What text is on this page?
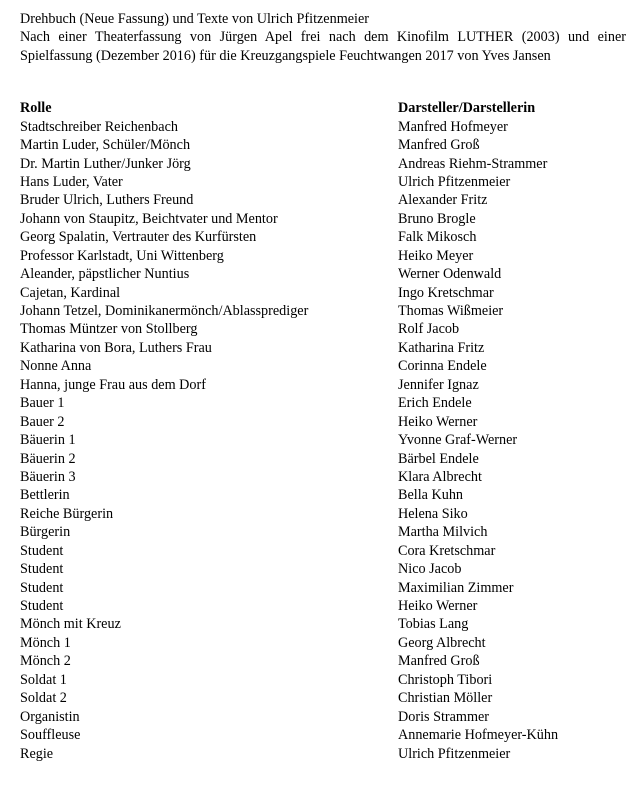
Drehbuch (Neue Fassung) und Texte von Ulrich Pfitzenmeier

Nach einer Theaterfassung von Jürgen Apel frei nach dem Kinofilm LUTHER (2003) und einer Spielfassung (Dezember 2016) für die Kreuzgangspiele Feuchtwangen 2017 von Yves Jansen

Rolle	Darsteller/Darstellerin
Stadtschreiber Reichenbach	Manfred Hofmeyer
Martin Luder, Schüler/Mönch	Manfred Groß
Dr. Martin Luther/Junker Jörg	Andreas Riehm-Strammer
Hans Luder, Vater	Ulrich Pfitzenmeier
Bruder Ulrich, Luthers Freund	Alexander Fritz
Johann von Staupitz, Beichtvater und Mentor	Bruno Brogle
Georg Spalatin, Vertrauter des Kurfürsten	Falk Mikosch
Professor Karlstadt, Uni Wittenberg	Heiko Meyer
Aleander, päpstlicher Nuntius	Werner Odenwald
Cajetan, Kardinal	Ingo Kretschmar
Johann Tetzel, Dominikanermönch/Ablassprediger	Thomas Wißmeier
Thomas Müntzer von Stollberg	Rolf Jacob
Katharina von Bora, Luthers Frau	Katharina Fritz
Nonne Anna	Corinna Endele
Hanna, junge Frau aus dem Dorf	Jennifer Ignaz
Bauer 1	Erich Endele
Bauer 2	Heiko Werner
Bäuerin 1	Yvonne Graf-Werner
Bäuerin 2	Bärbel Endele
Bäuerin 3	Klara Albrecht
Bettlerin	Bella Kuhn
Reiche Bürgerin	Helena Siko
Bürgerin	Martha Milvich
Student	Cora Kretschmar
Student	Nico Jacob
Student	Maximilian Zimmer
Student	Heiko Werner
Mönch mit Kreuz	Tobias Lang
Mönch 1	Georg Albrecht
Mönch 2	Manfred Groß
Soldat 1	Christoph Tibori
Soldat 2	Christian Möller
Organistin	Doris Strammer
Souffleuse	Annemarie Hofmeyer-Kühn
Regie	Ulrich Pfitzenmeier
